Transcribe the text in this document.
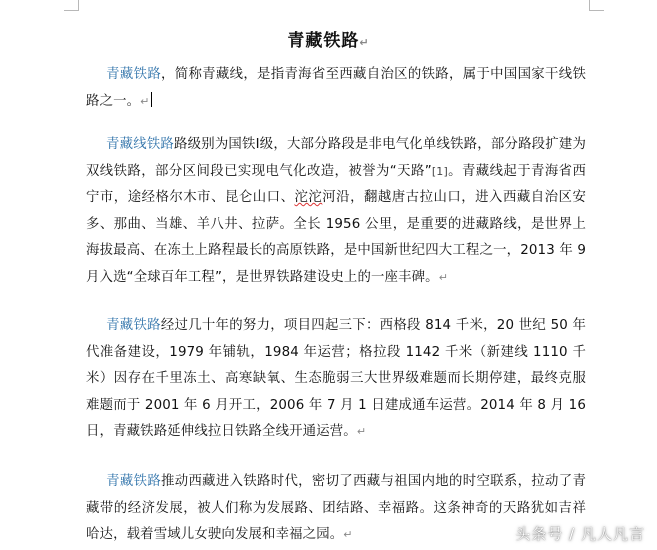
青藏铁路↵
青藏铁路，简称青藏线，是指青海省至西藏自治区的铁路，属于中国国家干线铁路之一。↵
青藏线铁路路级别为国铁Ⅰ级，大部分路段是非电气化单线铁路，部分路段扩建为双线铁路，部分区间段已实现电气化改造，被誉为“天路”[1]。青藏线起于青海省西宁市，途经格尔木市、昆仑山口、沱沱河沿，翻越唐古拉山口，进入西藏自治区安多、那曲、当雄、羊八井、拉萨。全长 1956 公里，是重要的进藏路线，是世界上海拔最高、在冻土上路程最长的高原铁路，是中国新世纪四大工程之一，2013 年 9 月入选“全球百年工程”，是世界铁路建设史上的一座丰碑。↵
青藏铁路经过几十年的努力，项目四起三下：西格段 814 千米，20 世纪 50 年代准备建设，1979 年铺轨，1984 年运营；格拉段 1142 千米（新建线 1110 千米）因存在千里冻土、高寒缺氧、生态脆弱三大世界级难题而长期停建，最终克服难题而于 2001 年 6 月开工，2006 年 7 月 1 日建成通车运营。2014 年 8 月 16 日，青藏铁路延伸线拉日铁路全线开通运营。↵
青藏铁路推动西藏进入铁路时代，密切了西藏与祖国内地的时空联系，拉动了青藏带的经济发展，被人们称为发展路、团结路、幸福路。这条神奇的天路犹如吉祥哈达，载着雪域儿女驶向发展和幸福之园。↵	头条号 / 凡人凡言
